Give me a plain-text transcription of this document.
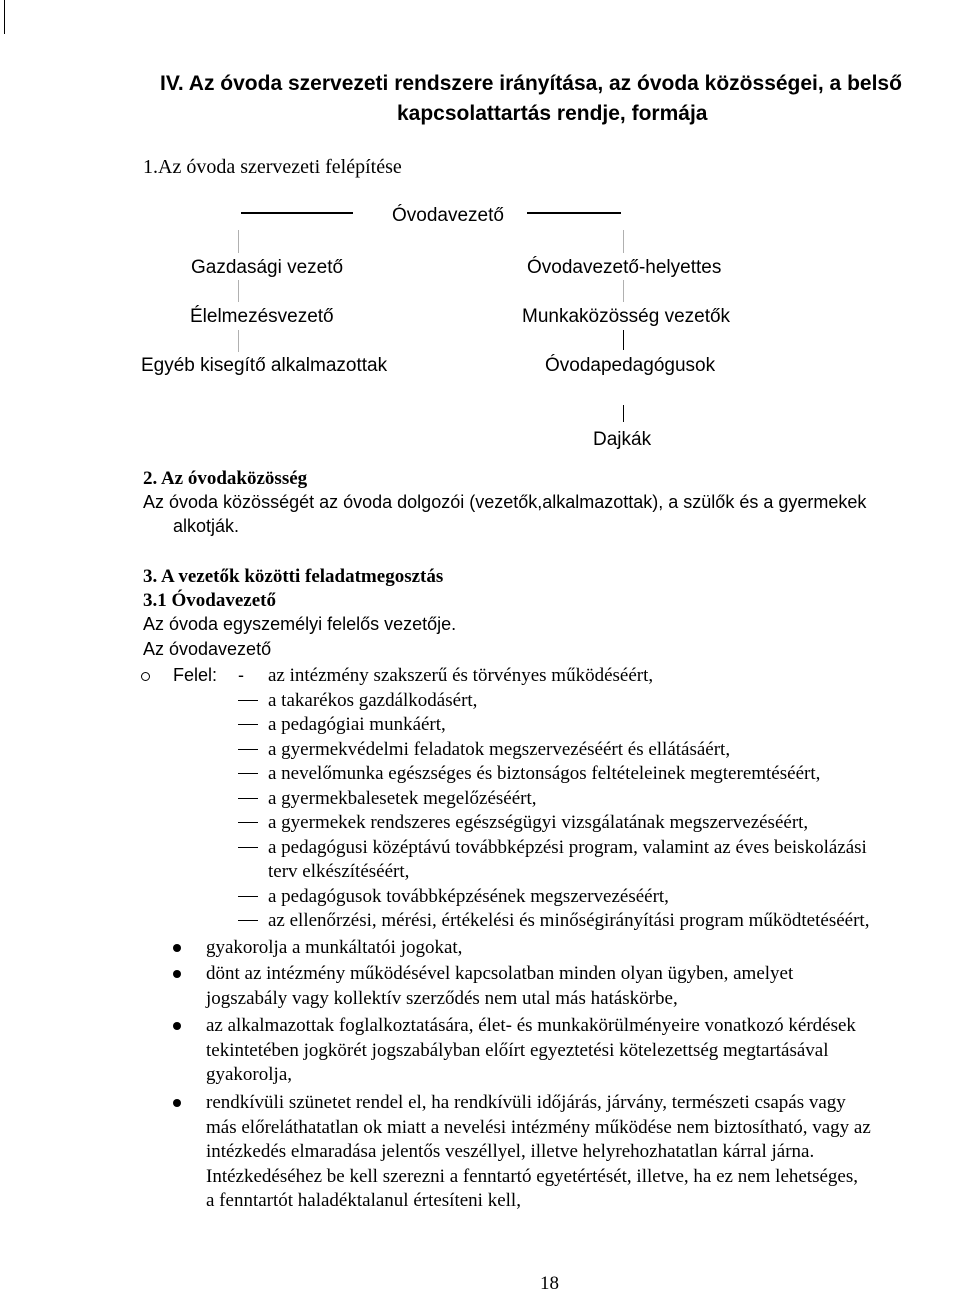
IV. Az óvoda szervezeti rendszere irányítása, az óvoda közösségei, a belső
kapcsolattartás rendje, formája
1.Az óvoda szervezeti felépítése
Óvodavezető
Gazdasági vezető	Óvodavezető-helyettes
Élelmezésvezető	Munkaközösség vezetők
Egyéb kisegítő alkalmazottak	Óvodapedagógusok
Dajkák
2. Az óvodaközösség
Az óvoda közösségét az óvoda dolgozói (vezetők,alkalmazottak), a szülők és a gyermekek
alkotják.
3. A vezetők közötti feladatmegosztás
3.1 Óvodavezető
Az óvoda egyszemélyi felelős vezetője.
Az óvodavezető
Felel: - az intézmény szakszerű és törvényes működéséért,
a takarékos gazdálkodásért,
a pedagógiai munkáért,
a gyermekvédelmi feladatok megszervezéséért és ellátásáért,
a nevelőmunka egészséges és biztonságos feltételeinek megteremtéséért,
a gyermekbalesetek megelőzéséért,
a gyermekek rendszeres egészségügyi vizsgálatának megszervezéséért,
a pedagógusi középtávú továbbképzési program, valamint az éves beiskolázási
terv elkészítéséért,
a pedagógusok továbbképzésének megszervezéséért,
az ellenőrzési, mérési, értékelési és minőségirányítási program működtetéséért,
gyakorolja a munkáltatói jogokat,
dönt az intézmény működésével kapcsolatban minden olyan ügyben, amelyet
jogszabály vagy kollektív szerződés nem utal más hatáskörbe,
az alkalmazottak foglalkoztatására, élet- és munkakörülményeire vonatkozó kérdések
tekintetében jogkörét jogszabályban előírt egyeztetési kötelezettség megtartásával
gyakorolja,
rendkívüli szünetet rendel el, ha rendkívüli időjárás, járvány, természeti csapás vagy
más előreláthatatlan ok miatt a nevelési intézmény működése nem biztosítható, vagy az
intézkedés elmaradása jelentős veszéllyel, illetve helyrehozhatatlan kárral járna.
Intézkedéséhez be kell szerezni a fenntartó egyetértését, illetve, ha ez nem lehetséges,
a fenntartót haladéktalanul értesíteni kell,
18
